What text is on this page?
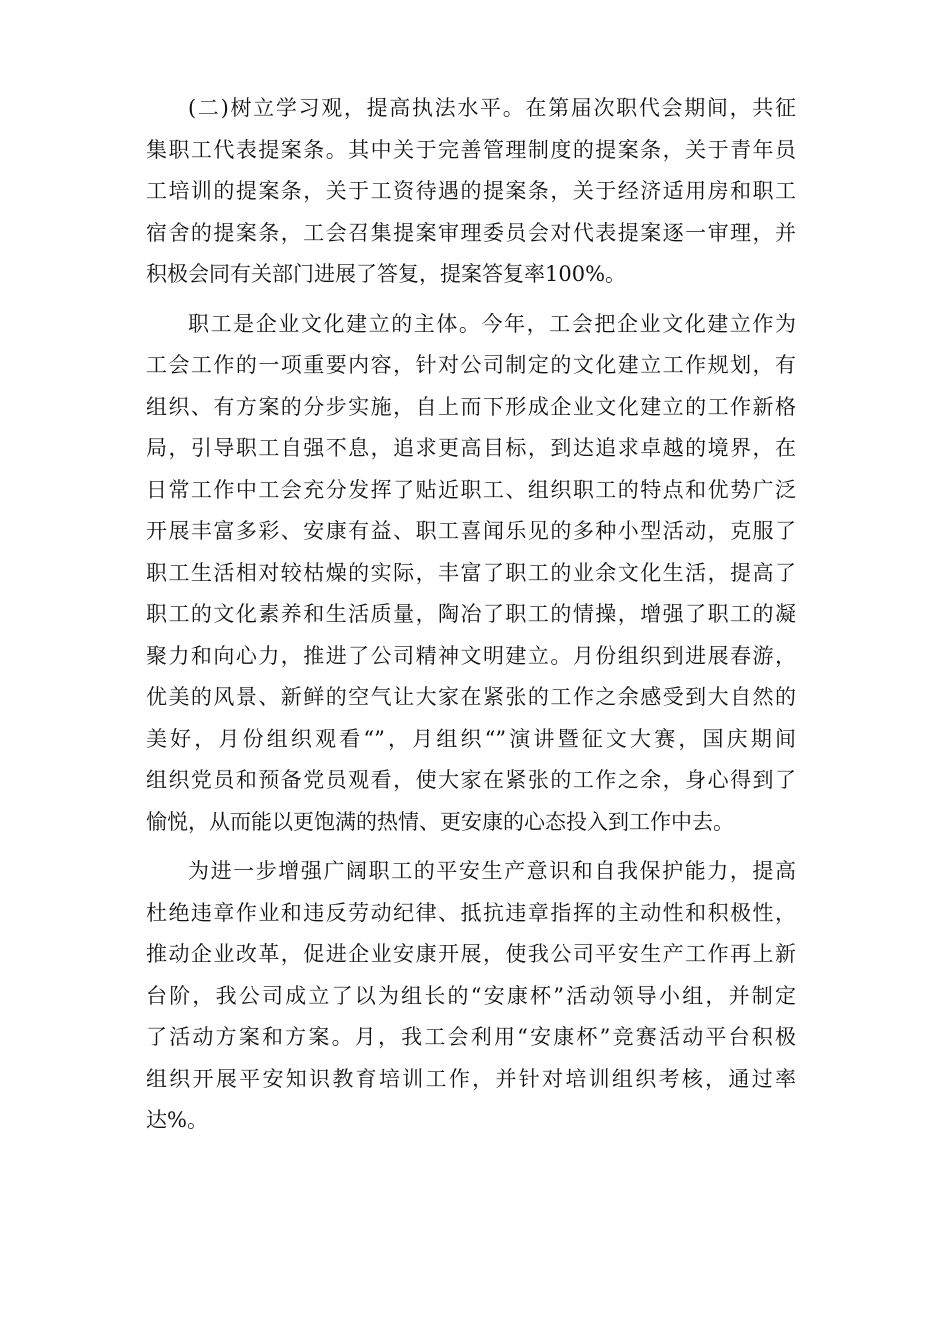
(二)树立学习观，提高执法水平。在第届次职代会期间，共征
集职工代表提案条。其中关于完善管理制度的提案条，关于青年员
工培训的提案条，关于工资待遇的提案条，关于经济适用房和职工
宿舍的提案条，工会召集提案审理委员会对代表提案逐一审理，并
积极会同有关部门进展了答复，提案答复率100%。
职工是企业文化建立的主体。今年，工会把企业文化建立作为
工会工作的一项重要内容，针对公司制定的文化建立工作规划，有
组织、有方案的分步实施，自上而下形成企业文化建立的工作新格
局，引导职工自强不息，追求更高目标，到达追求卓越的境界，在
日常工作中工会充分发挥了贴近职工、组织职工的特点和优势广泛
开展丰富多彩、安康有益、职工喜闻乐见的多种小型活动，克服了
职工生活相对较枯燥的实际，丰富了职工的业余文化生活，提高了
职工的文化素养和生活质量，陶冶了职工的情操，增强了职工的凝
聚力和向心力，推进了公司精神文明建立。月份组织到进展春游，
优美的风景、新鲜的空气让大家在紧张的工作之余感受到大自然的
美好，月份组织观看“”，月组织“”演讲暨征文大赛，国庆期间
组织党员和预备党员观看，使大家在紧张的工作之余，身心得到了
愉悦，从而能以更饱满的热情、更安康的心态投入到工作中去。
为进一步增强广阔职工的平安生产意识和自我保护能力，提高
杜绝违章作业和违反劳动纪律、抵抗违章指挥的主动性和积极性，
推动企业改革，促进企业安康开展，使我公司平安生产工作再上新
台阶，我公司成立了以为组长的“安康杯”活动领导小组，并制定
了活动方案和方案。月，我工会利用“安康杯”竞赛活动平台积极
组织开展平安知识教育培训工作，并针对培训组织考核，通过率
达%。
